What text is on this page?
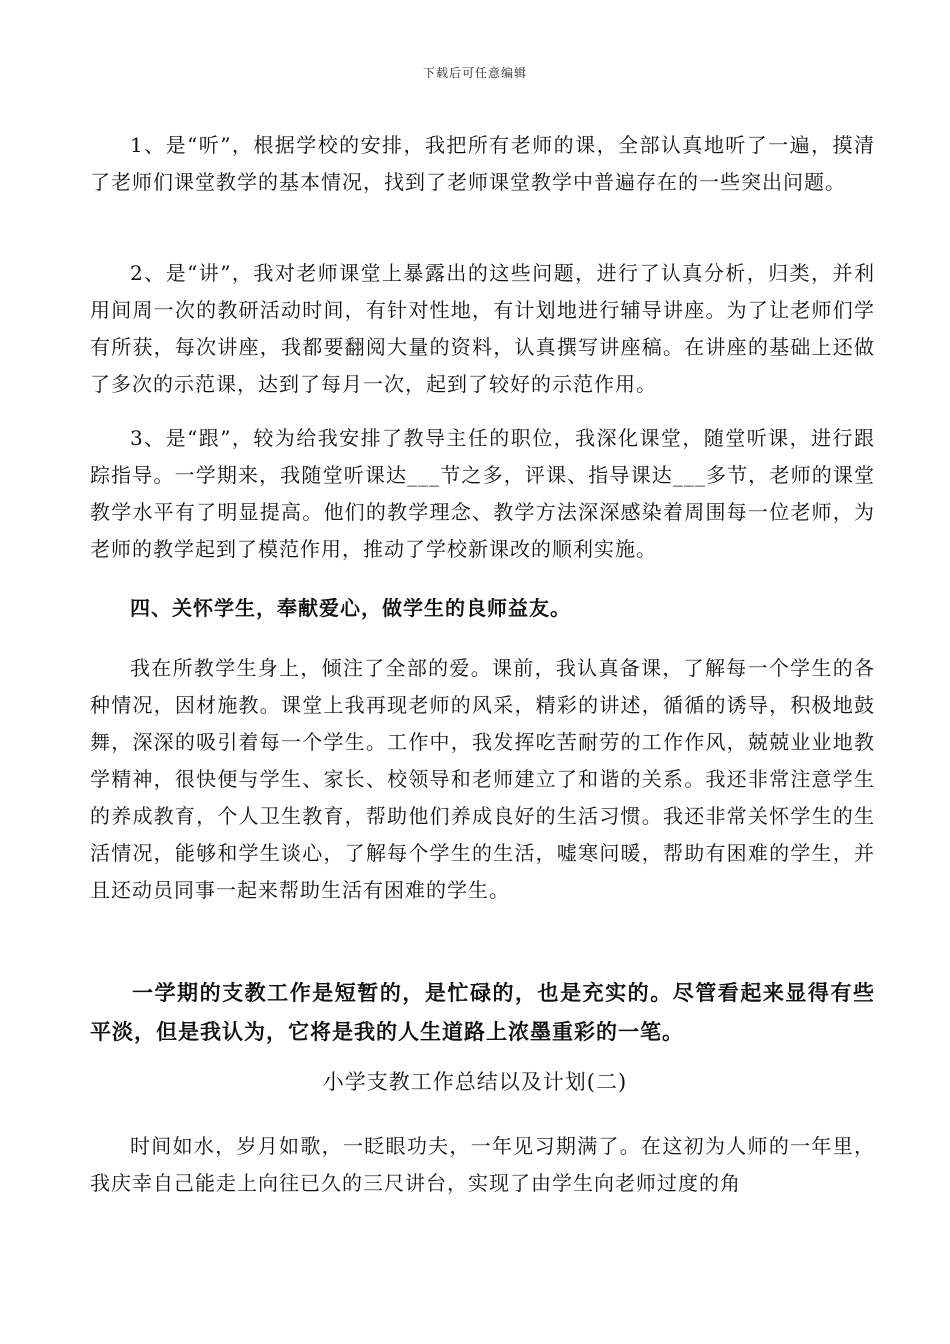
下载后可任意编辑

1、是“听”，根据学校的安排，我把所有老师的课，全部认真地听了一遍，摸清了老师们课堂教学的基本情况，找到了老师课堂教学中普遍存在的一些突出问题。

2、是“讲”，我对老师课堂上暴露出的这些问题，进行了认真分析，归类，并利用间周一次的教研活动时间，有针对性地，有计划地进行辅导讲座。为了让老师们学有所获，每次讲座，我都要翻阅大量的资料，认真撰写讲座稿。在讲座的基础上还做了多次的示范课，达到了每月一次，起到了较好的示范作用。

3、是“跟”，较为给我安排了教导主任的职位，我深化课堂，随堂听课，进行跟踪指导。一学期来，我随堂听课达___节之多，评课、指导课达___多节，老师的课堂教学水平有了明显提高。他们的教学理念、教学方法深深感染着周围每一位老师，为老师的教学起到了模范作用，推动了学校新课改的顺利实施。

四、关怀学生，奉献爱心，做学生的良师益友。

我在所教学生身上，倾注了全部的爱。课前，我认真备课，了解每一个学生的各种情况，因材施教。课堂上我再现老师的风采，精彩的讲述，循循的诱导，积极地鼓舞，深深的吸引着每一个学生。工作中，我发挥吃苦耐劳的工作作风，兢兢业业地教学精神，很快便与学生、家长、校领导和老师建立了和谐的关系。我还非常注意学生的养成教育，个人卫生教育，帮助他们养成良好的生活习惯。我还非常关怀学生的生活情况，能够和学生谈心，了解每个学生的生活，嘘寒问暖，帮助有困难的学生，并且还动员同事一起来帮助生活有困难的学生。

一学期的支教工作是短暂的，是忙碌的，也是充实的。尽管看起来显得有些平淡，但是我认为，它将是我的人生道路上浓墨重彩的一笔。

时间如水，岁月如歌，一眨眼功夫，一年见习期满了。在这初为人师的一年里，我庆幸自己能走上向往已久的三尺讲台，实现了由学生向老师过度的角

小学支教工作总结以及计划(二)
